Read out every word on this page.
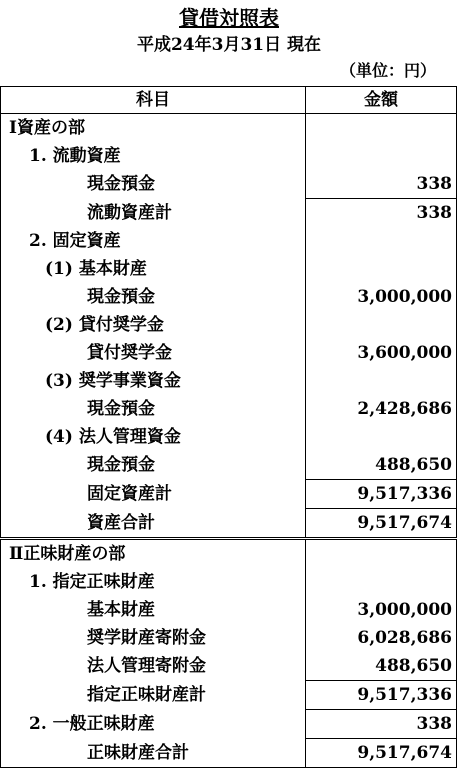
貸借対照表
平成24年3月31日 現在
（単位：円）
科目	金額
Ⅰ資産の部	
1. 流動資産	
現金預金	338
流動資産計	338
2. 固定資産	
(1) 基本財産	
現金預金	3,000,000
(2) 貸付奨学金	
貸付奨学金	3,600,000
(3) 奨学事業資金	
現金預金	2,428,686
(4) 法人管理資金	
現金預金	488,650
固定資産計	9,517,336
資産合計	9,517,674
Ⅱ正味財産の部	
1. 指定正味財産	
基本財産	3,000,000
奨学財産寄附金	6,028,686
法人管理寄附金	488,650
指定正味財産計	9,517,336
2. 一般正味財産	338
正味財産合計	9,517,674
